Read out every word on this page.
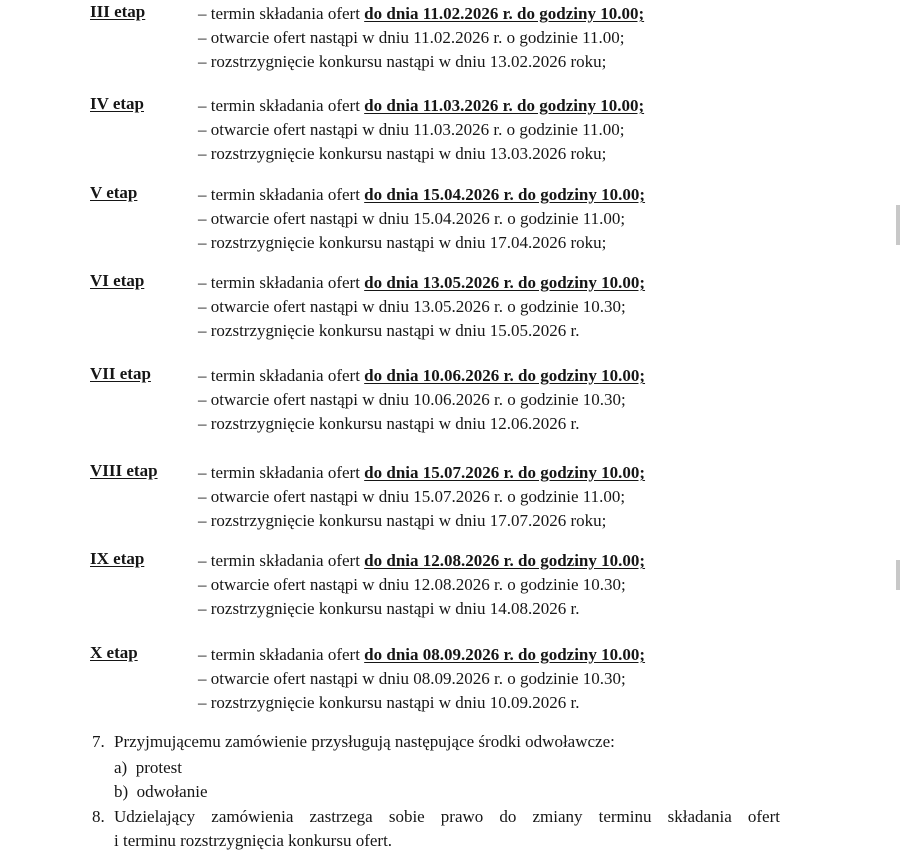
III etap	– termin składania ofert do dnia 11.02.2026 r. do godziny 10.00;
– otwarcie ofert nastąpi w dniu 11.02.2026 r. o godzinie 11.00;
– rozstrzygnięcie konkursu nastąpi w dniu 13.02.2026 roku;
IV etap	– termin składania ofert do dnia 11.03.2026 r. do godziny 10.00;
– otwarcie ofert nastąpi w dniu 11.03.2026 r. o godzinie 11.00;
– rozstrzygnięcie konkursu nastąpi w dniu 13.03.2026 roku;
V etap	– termin składania ofert do dnia 15.04.2026 r. do godziny 10.00;
– otwarcie ofert nastąpi w dniu 15.04.2026 r. o godzinie 11.00;
– rozstrzygnięcie konkursu nastąpi w dniu 17.04.2026 roku;
VI etap	– termin składania ofert do dnia 13.05.2026 r. do godziny 10.00;
– otwarcie ofert nastąpi w dniu 13.05.2026 r. o godzinie 10.30;
– rozstrzygnięcie konkursu nastąpi w dniu 15.05.2026 r.
VII etap	– termin składania ofert do dnia 10.06.2026 r. do godziny 10.00;
– otwarcie ofert nastąpi w dniu 10.06.2026 r. o godzinie 10.30;
– rozstrzygnięcie konkursu nastąpi w dniu 12.06.2026 r.
VIII etap – termin składania ofert do dnia 15.07.2026 r. do godziny 10.00;
– otwarcie ofert nastąpi w dniu 15.07.2026 r. o godzinie 11.00;
– rozstrzygnięcie konkursu nastąpi w dniu 17.07.2026 roku;
IX etap	– termin składania ofert do dnia 12.08.2026 r. do godziny 10.00;
– otwarcie ofert nastąpi w dniu 12.08.2026 r. o godzinie 10.30;
– rozstrzygnięcie konkursu nastąpi w dniu 14.08.2026 r.
X etap	– termin składania ofert do dnia 08.09.2026 r. do godziny 10.00;
– otwarcie ofert nastąpi w dniu 08.09.2026 r. o godzinie 10.30;
– rozstrzygnięcie konkursu nastąpi w dniu 10.09.2026 r.
7. Przyjmującemu zamówienie przysługują następujące środki odwoławcze:
a) protest
b) odwołanie
8. Udzielający zamówienia zastrzega sobie prawo do zmiany terminu składania ofert
i terminu rozstrzygnięcia konkursu ofert.
